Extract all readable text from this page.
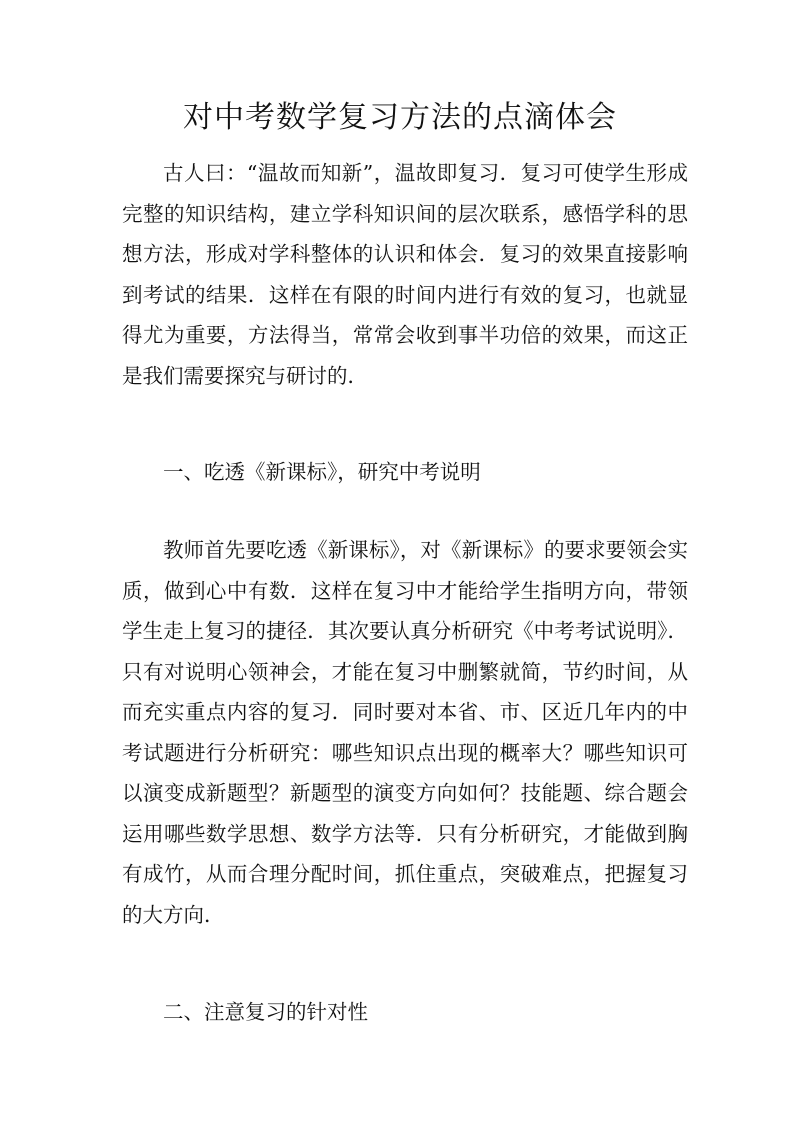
对中考数学复习方法的点滴体会

古人曰：“温故而知新”，温故即复习．复习可使学生形成完整的知识结构，建立学科知识间的层次联系，感悟学科的思想方法，形成对学科整体的认识和体会．复习的效果直接影响到考试的结果．这样在有限的时间内进行有效的复习，也就显得尤为重要，方法得当，常常会收到事半功倍的效果，而这正是我们需要探究与研讨的．

一、吃透《新课标》，研究中考说明

教师首先要吃透《新课标》，对《新课标》的要求要领会实质，做到心中有数．这样在复习中才能给学生指明方向，带领学生走上复习的捷径．其次要认真分析研究《中考考试说明》．只有对说明心领神会，才能在复习中删繁就简，节约时间，从而充实重点内容的复习．同时要对本省、市、区近几年内的中考试题进行分析研究：哪些知识点出现的概率大？哪些知识可以演变成新题型？新题型的演变方向如何？技能题、综合题会运用哪些数学思想、数学方法等．只有分析研究，才能做到胸有成竹，从而合理分配时间，抓住重点，突破难点，把握复习的大方向．

二、注意复习的针对性
